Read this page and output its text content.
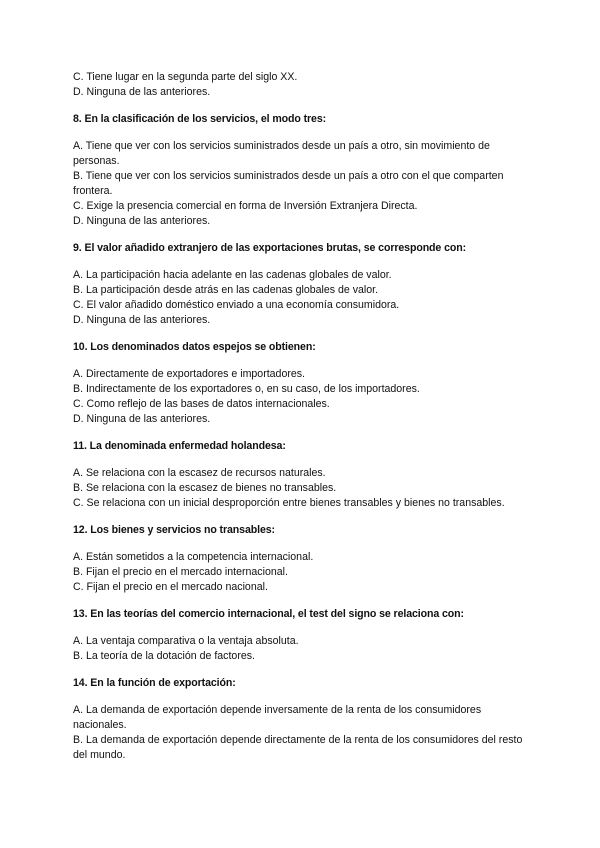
C. Tiene lugar en la segunda parte del siglo XX.

D. Ninguna de las anteriores.

8. En la clasificación de los servicios, el modo tres:

A. Tiene que ver con los servicios suministrados desde un país a otro, sin movimiento de personas.

B. Tiene que ver con los servicios suministrados desde un país a otro con el que comparten frontera.

C. Exige la presencia comercial en forma de Inversión Extranjera Directa.

D. Ninguna de las anteriores.

9. El valor añadido extranjero de las exportaciones brutas, se corresponde con:

A. La participación hacia adelante en las cadenas globales de valor.

B. La participación desde atrás en las cadenas globales de valor.

C. El valor añadido doméstico enviado a una economía consumidora.

D. Ninguna de las anteriores.

10. Los denominados datos espejos se obtienen:

A. Directamente de exportadores e importadores.

B. Indirectamente de los exportadores o, en su caso, de los importadores.

C. Como reflejo de las bases de datos internacionales.

D. Ninguna de las anteriores.

11. La denominada enfermedad holandesa:

A. Se relaciona con la escasez de recursos naturales.

B. Se relaciona con la escasez de bienes no transables.

C. Se relaciona con un inicial desproporción entre bienes transables y bienes no transables.

12. Los bienes y servicios no transables:

A. Están sometidos a la competencia internacional.

B. Fijan el precio en el mercado internacional.

C. Fijan el precio en el mercado nacional.

13. En las teorías del comercio internacional, el test del signo se relaciona con:

A. La ventaja comparativa o la ventaja absoluta.

B. La teoría de la dotación de factores.

14. En la función de exportación:

A. La demanda de exportación depende inversamente de la renta de los consumidores nacionales.

B. La demanda de exportación depende directamente de la renta de los consumidores del resto del mundo.
